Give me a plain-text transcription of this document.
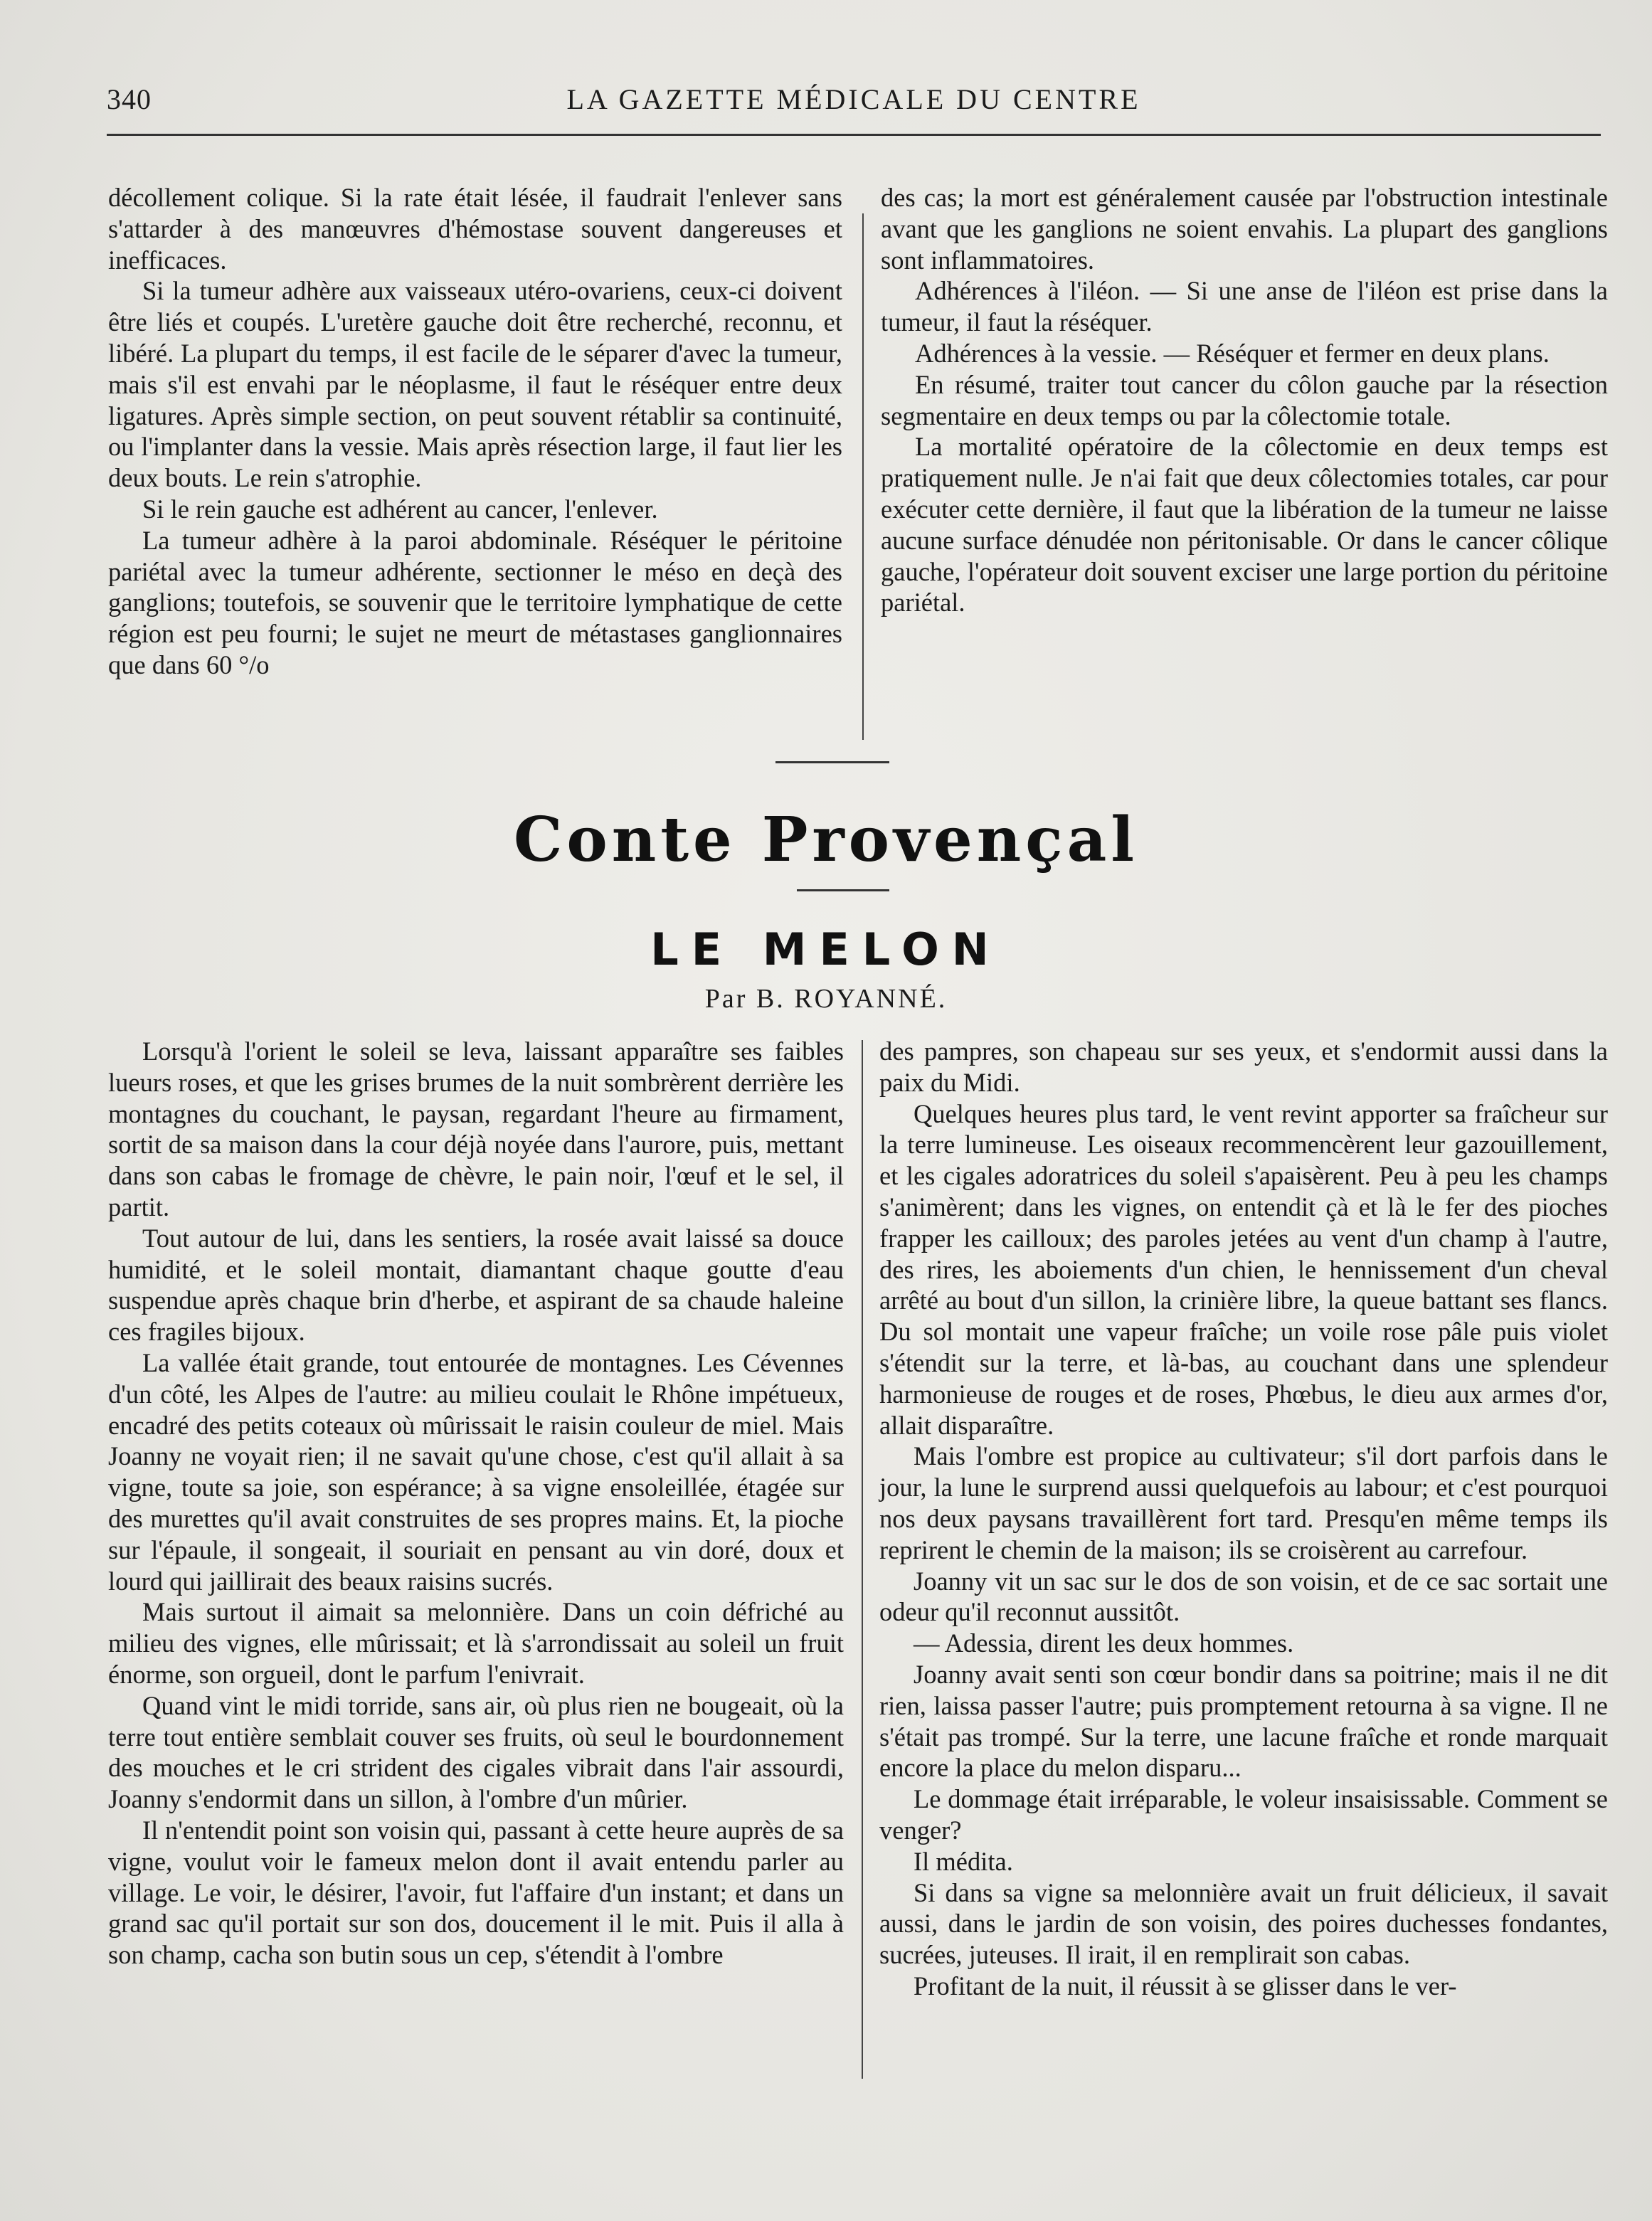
340	LA GAZETTE MÉDICALE DU CENTRE

décollement colique. Si la rate était lésée, il faudrait l'enlever sans s'attarder à des manœuvres d'hémostase souvent dangereuses et inefficaces.

Si la tumeur adhère aux vaisseaux utéro-ovariens, ceux-ci doivent être liés et coupés. L'uretère gauche doit être recherché, reconnu, et libéré. La plupart du temps, il est facile de le séparer d'avec la tumeur, mais s'il est envahi par le néoplasme, il faut le réséquer entre deux ligatures. Après simple section, on peut souvent rétablir sa continuité, ou l'implanter dans la vessie. Mais après résection large, il faut lier les deux bouts. Le rein s'atrophie.

Si le rein gauche est adhérent au cancer, l'enlever.

La tumeur adhère à la paroi abdominale. Réséquer le péritoine pariétal avec la tumeur adhérente, sectionner le méso en deçà des ganglions; toutefois, se souvenir que le territoire lymphatique de cette région est peu fourni; le sujet ne meurt de métastases ganglionnaires que dans 60 °/o

des cas; la mort est généralement causée par l'obstruction intestinale avant que les ganglions ne soient envahis. La plupart des ganglions sont inflammatoires.

Adhérences à l'iléon. — Si une anse de l'iléon est prise dans la tumeur, il faut la réséquer.

Adhérences à la vessie. — Réséquer et fermer en deux plans.

En résumé, traiter tout cancer du côlon gauche par la résection segmentaire en deux temps ou par la côlectomie totale.

La mortalité opératoire de la côlectomie en deux temps est pratiquement nulle. Je n'ai fait que deux côlectomies totales, car pour exécuter cette dernière, il faut que la libération de la tumeur ne laisse aucune surface dénudée non péritonisable. Or dans le cancer côlique gauche, l'opérateur doit souvent exciser une large portion du péritoine pariétal.

Conte Provençal
LE MELON
Par B. ROYANNÉ.

Lorsqu'à l'orient le soleil se leva, laissant apparaître ses faibles lueurs roses, et que les grises brumes de la nuit sombrèrent derrière les montagnes du couchant, le paysan, regardant l'heure au firmament, sortit de sa maison dans la cour déjà noyée dans l'aurore, puis, mettant dans son cabas le fromage de chèvre, le pain noir, l'œuf et le sel, il partit.

Tout autour de lui, dans les sentiers, la rosée avait laissé sa douce humidité, et le soleil montait, diamantant chaque goutte d'eau suspendue après chaque brin d'herbe, et aspirant de sa chaude haleine ces fragiles bijoux.

La vallée était grande, tout entourée de montagnes. Les Cévennes d'un côté, les Alpes de l'autre: au milieu coulait le Rhône impétueux, encadré des petits coteaux où mûrissait le raisin couleur de miel. Mais Joanny ne voyait rien; il ne savait qu'une chose, c'est qu'il allait à sa vigne, toute sa joie, son espérance; à sa vigne ensoleillée, étagée sur des murettes qu'il avait construites de ses propres mains. Et, la pioche sur l'épaule, il songeait, il souriait en pensant au vin doré, doux et lourd qui jaillirait des beaux raisins sucrés.

Mais surtout il aimait sa melonnière. Dans un coin défriché au milieu des vignes, elle mûrissait; et là s'arrondissait au soleil un fruit énorme, son orgueil, dont le parfum l'enivrait.

Quand vint le midi torride, sans air, où plus rien ne bougeait, où la terre tout entière semblait couver ses fruits, où seul le bourdonnement des mouches et le cri strident des cigales vibrait dans l'air assourdi, Joanny s'endormit dans un sillon, à l'ombre d'un mûrier.

Il n'entendit point son voisin qui, passant à cette heure auprès de sa vigne, voulut voir le fameux melon dont il avait entendu parler au village. Le voir, le désirer, l'avoir, fut l'affaire d'un instant; et dans un grand sac qu'il portait sur son dos, doucement il le mit. Puis il alla à son champ, cacha son butin sous un cep, s'étendit à l'ombre

des pampres, son chapeau sur ses yeux, et s'endormit aussi dans la paix du Midi.

Quelques heures plus tard, le vent revint apporter sa fraîcheur sur la terre lumineuse. Les oiseaux recommencèrent leur gazouillement, et les cigales adoratrices du soleil s'apaisèrent. Peu à peu les champs s'animèrent; dans les vignes, on entendit çà et là le fer des pioches frapper les cailloux; des paroles jetées au vent d'un champ à l'autre, des rires, les aboiements d'un chien, le hennissement d'un cheval arrêté au bout d'un sillon, la crinière libre, la queue battant ses flancs. Du sol montait une vapeur fraîche; un voile rose pâle puis violet s'étendit sur la terre, et là-bas, au couchant dans une splendeur harmonieuse de rouges et de roses, Phœbus, le dieu aux armes d'or, allait disparaître.

Mais l'ombre est propice au cultivateur; s'il dort parfois dans le jour, la lune le surprend aussi quelquefois au labour; et c'est pourquoi nos deux paysans travaillèrent fort tard. Presqu'en même temps ils reprirent le chemin de la maison; ils se croisèrent au carrefour.

Joanny vit un sac sur le dos de son voisin, et de ce sac sortait une odeur qu'il reconnut aussitôt.

— Adessia, dirent les deux hommes.

Joanny avait senti son cœur bondir dans sa poitrine; mais il ne dit rien, laissa passer l'autre; puis promptement retourna à sa vigne. Il ne s'était pas trompé. Sur la terre, une lacune fraîche et ronde marquait encore la place du melon disparu...

Le dommage était irréparable, le voleur insaisissable. Comment se venger?

Il médita.

Si dans sa vigne sa melonnière avait un fruit délicieux, il savait aussi, dans le jardin de son voisin, des poires duchesses fondantes, sucrées, juteuses. Il irait, il en remplirait son cabas.

Profitant de la nuit, il réussit à se glisser dans le ver-
